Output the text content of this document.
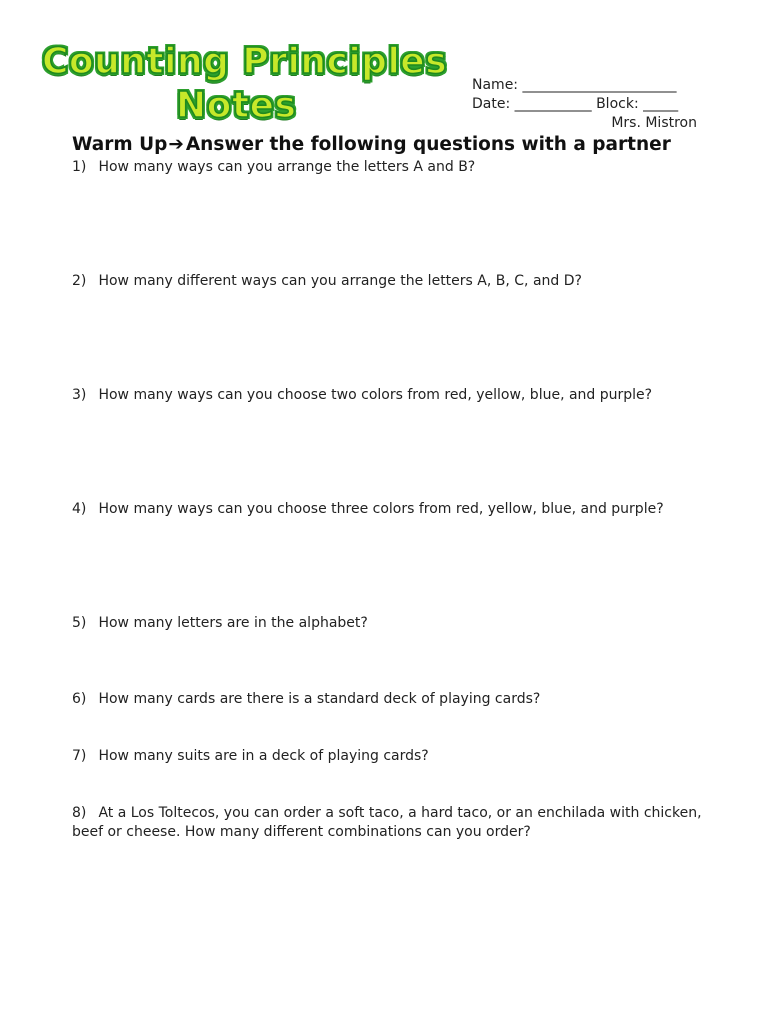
Counting Principles
Notes	Name: ______________________
Date: ___________ Block: _____
Mrs. Mistron
Warm Up➔ Answer the following questions with a partner
1) How many ways can you arrange the letters A and B?
2) How many different ways can you arrange the letters A, B, C, and D?
3) How many ways can you choose two colors from red, yellow, blue, and purple?
4) How many ways can you choose three colors from red, yellow, blue, and purple?
5) How many letters are in the alphabet?
6) How many cards are there is a standard deck of playing cards?
7) How many suits are in a deck of playing cards?
8) At a Los Toltecos, you can order a soft taco, a hard taco, or an enchilada with chicken, beef or cheese. How many different combinations can you order?
